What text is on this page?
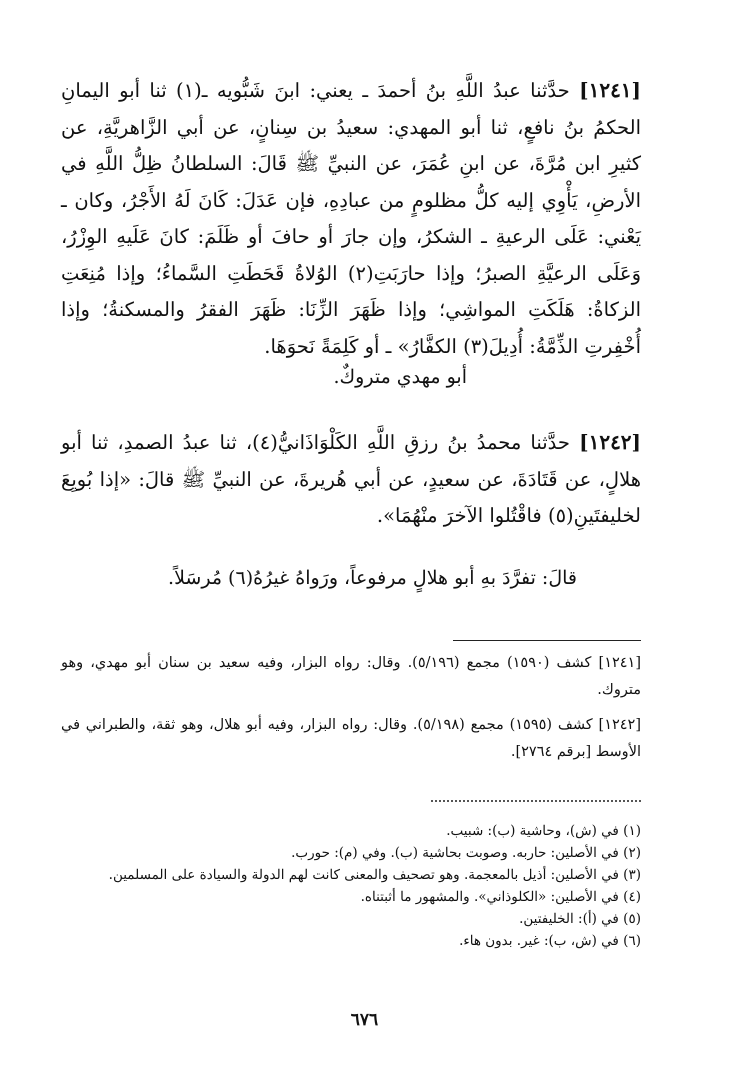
[١٢٤١] حدَّثنا عبدُ اللَّهِ بنُ أحمدَ ـ يعني: ابنَ شَبُّويه ـ(١) ثنا أبو اليمانِ الحكمُ بنُ نافعٍ، ثنا أبو المهدي: سعيدُ بن سِنانٍ، عن أبي الزَّاهريَّةِ، عن كثيرِ ابن مُرَّةَ، عن ابنِ عُمَرَ، عن النبيِّ ﷺ قَالَ: السلطانُ ظِلُّ اللَّهِ في الأرضِ، يَأْوِي إليه كلُّ مظلومٍ من عبادِهِ، فإن عَدَلَ: كَانَ لَهُ الأَجْرُ، وكان ـ يَعْني: عَلَى الرعيةِ ـ الشكرُ، وإن جارَ أو حافَ أو ظَلَمَ: كانَ عَلَيهِ الوِزْرُ، وَعَلَى الرعيَّةِ الصبرُ؛ وإذا حارَبَتِ(٢) الوُلاةُ قَحَطَتِ السَّماءُ؛ وإذا مُنِعَتِ الزكاةُ: هَلَكَتِ المواشِي؛ وإذا ظَهَرَ الزِّنَا: ظَهَرَ الفقرُ والمسكنةُ؛ وإذا أُخْفِرتِ الذِّمَّةُ: أُدِيلَ(٣) الكفَّارُ» ـ أو كَلِمَةً نَحوَهَا.

أبو مهدي متروكٌ.

[١٢٤٢] حدَّثنا محمدُ بنُ رزقِ اللَّهِ الكَلْوَاذَانيُّ(٤)، ثنا عبدُ الصمدِ، ثنا أبو هلالٍ، عن قَتَادَةَ، عن سعيدٍ، عن أبي هُريرةَ، عن النبيِّ ﷺ قالَ: «إذا بُويِعَ لخليفتَينِ(٥) فاقْتُلوا الآخرَ منْهُمَا».

قالَ: تفرَّدَ بهِ أبو هلالٍ مرفوعاً، ورَواهُ غيرُهُ(٦) مُرسَلاً.

[١٢٤١] كشف (١٥٩٠) مجمع (٥/١٩٦). وقال: رواه البزار، وفيه سعيد بن سنان أبو مهدي، وهو متروك.

[١٢٤٢] كشف (١٥٩٥) مجمع (٥/١٩٨). وقال: رواه البزار، وفيه أبو هلال، وهو ثقة، والطبراني في الأوسط [برقم ٢٧٦٤].

(١) في (ش)، وحاشية (ب): شبيب.
(٢) في الأصلين: حاربه. وصوبت بحاشية (ب). وفي (م): حورب.
(٣) في الأصلين: أذيل بالمعجمة. وهو تصحيف والمعنى كانت لهم الدولة والسيادة على المسلمين.
(٤) في الأصلين: «الكلوذاني». والمشهور ما أثبتناه.
(٥) في (أ): الخليفتين.
(٦) في (ش، ب): غير. بدون هاء.
٦٧٦
